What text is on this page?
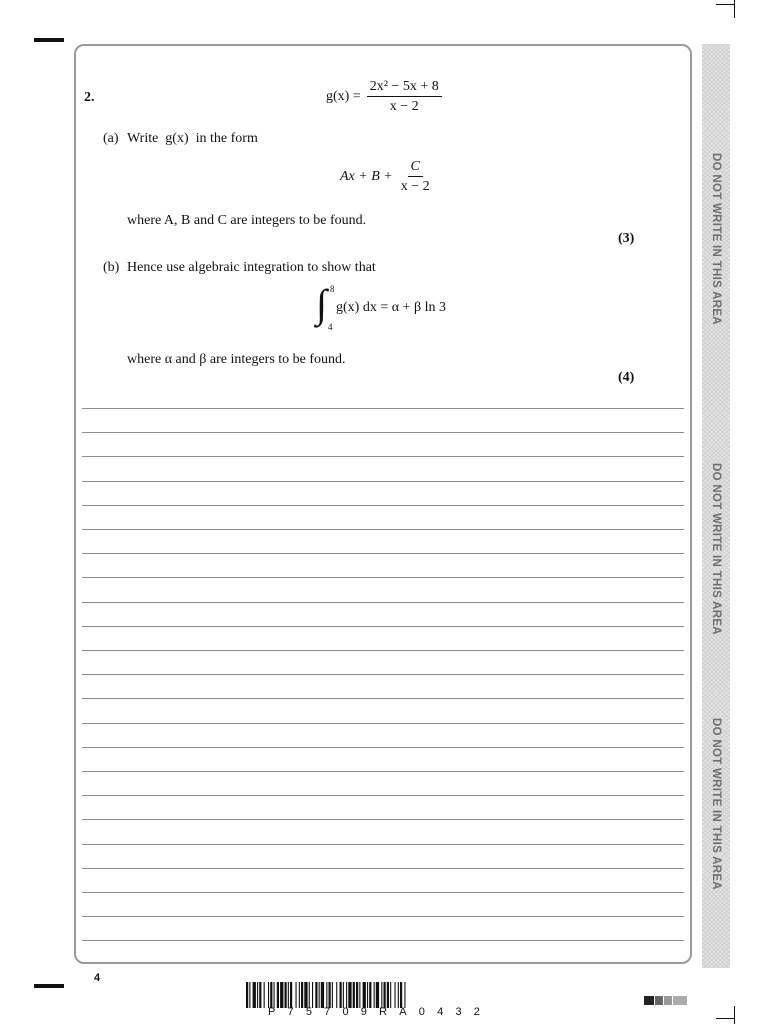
DO NOT WRITE IN THIS AREA
DO NOT WRITE IN THIS AREA
DO NOT WRITE IN THIS AREA
2.	$g(x) = \frac{\text{2x² − 5x + 8}}{x - 2}$
(a) Write  g(x)  in the form
$Ax + B + \frac{C}{x - 2}$
where A, B and C are integers to be found.
(3)
(b) Hence use algebraic integration to show that
∫ 8
4
g(x) dx = α + β ln 3
where α and β are integers to be found.
(4)
4
P75709RA0432
